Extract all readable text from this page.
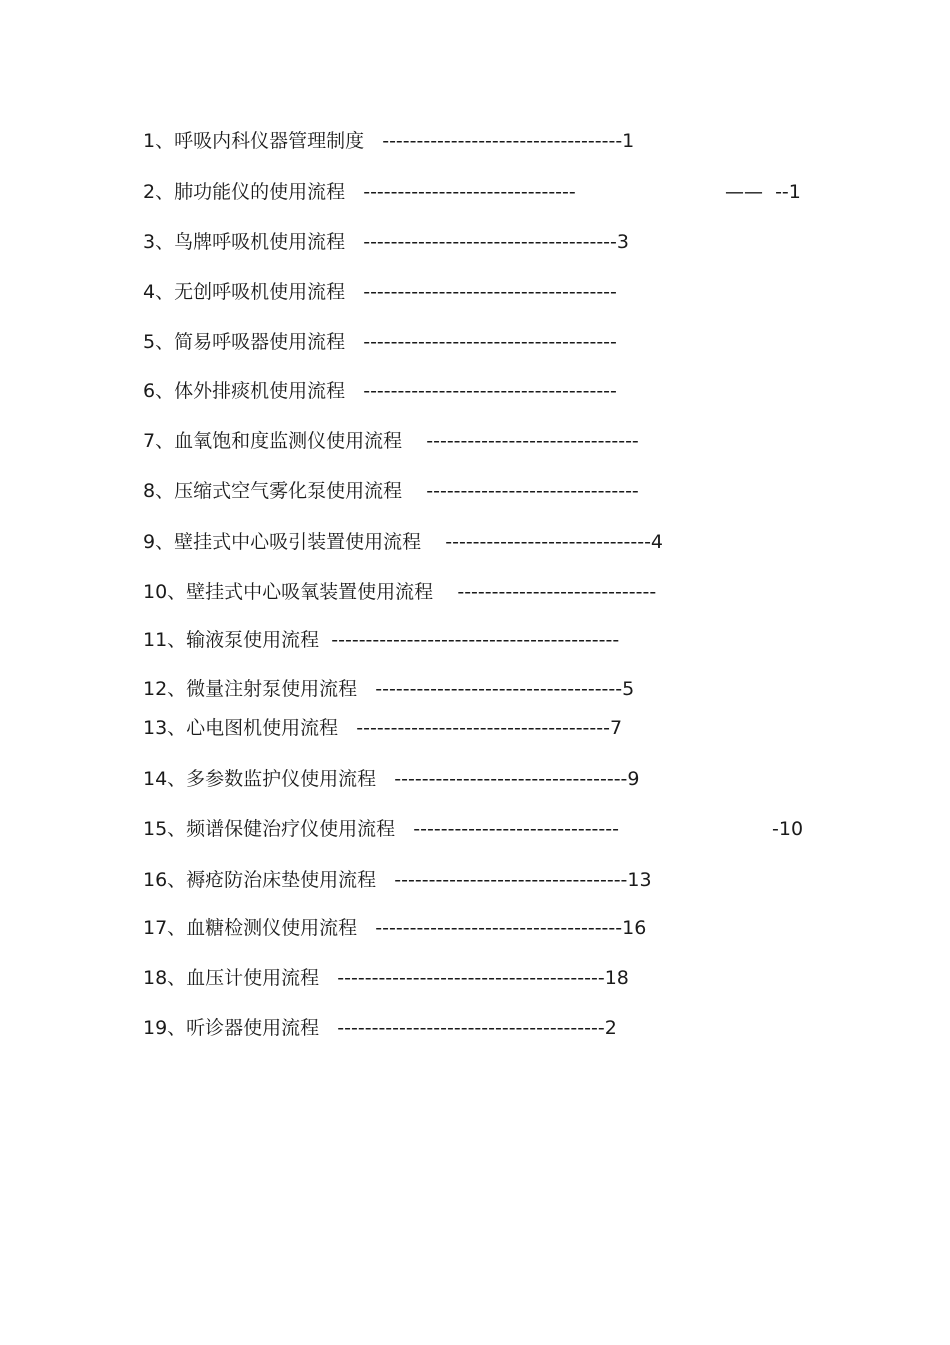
1、呼吸内科仪器管理制度   -----------------------------------1
2、肺功能仪的使用流程   -------------------------------	——  --1
3、鸟牌呼吸机使用流程   -------------------------------------3
4、无创呼吸机使用流程   -------------------------------------
5、简易呼吸器使用流程   -------------------------------------
6、体外排痰机使用流程   -------------------------------------
7、血氧饱和度监测仪使用流程    -------------------------------
8、压缩式空气雾化泵使用流程    -------------------------------
9、壁挂式中心吸引装置使用流程    ------------------------------4
10、壁挂式中心吸氧装置使用流程    -----------------------------
11、输液泵使用流程  ------------------------------------------
12、微量注射泵使用流程   ------------------------------------5
13、心电图机使用流程   -------------------------------------7
14、多参数监护仪使用流程   ----------------------------------9
15、频谱保健治疗仪使用流程   ------------------------------	-10
16、褥疮防治床垫使用流程   ----------------------------------13
17、血糖检测仪使用流程   ------------------------------------16
18、血压计使用流程   ---------------------------------------18
19、听诊器使用流程   ---------------------------------------2
